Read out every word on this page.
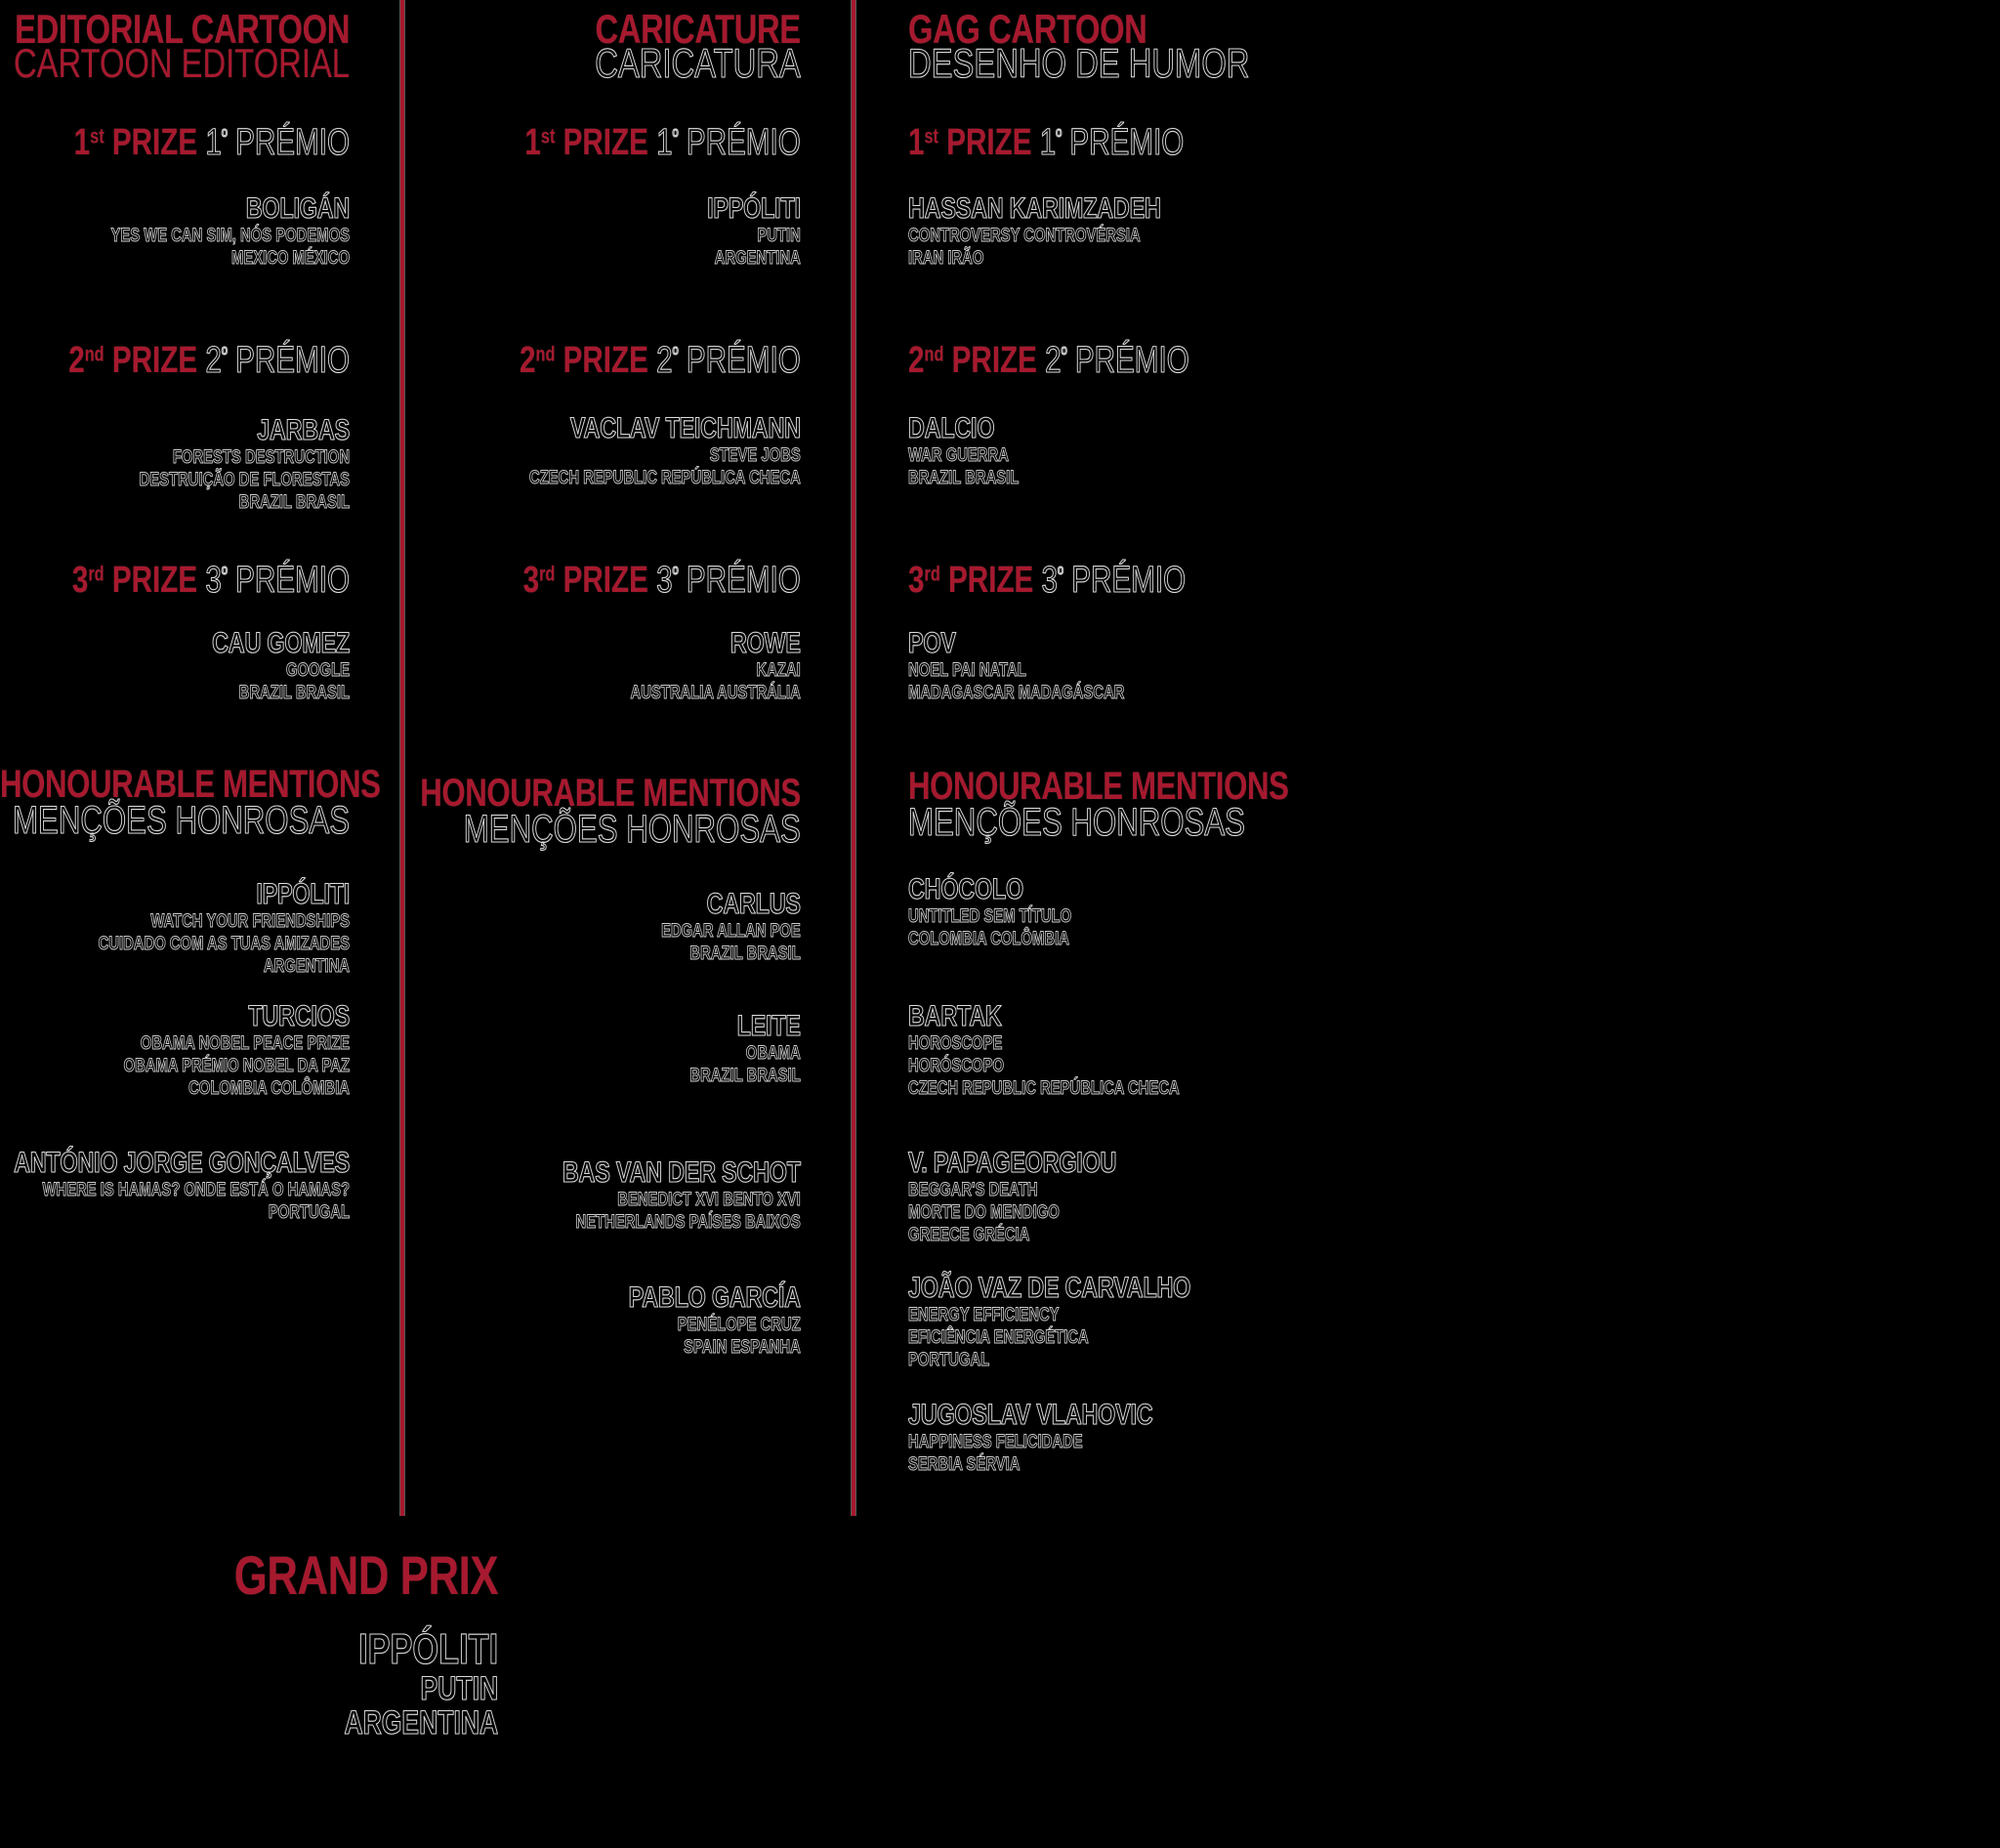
EDITORIAL CARTOON
CARTOON EDITORIAL
1st PRIZE $1^º$ PRÉMIO
BOLIGÁN
YES WE CAN SIM, NÓS PODEMOS
MEXICO MÉXICO
2nd PRIZE $2^º$ PRÉMIO
JARBAS
FORESTS DESTRUCTION
DESTRUIÇÃO DE FLORESTAS
BRAZIL BRASIL
3rd PRIZE $3^º$ PRÉMIO
CAU GOMEZ
GOOGLE
BRAZIL BRASIL
HONOURABLE MENTIONS
MENÇÕES HONROSAS
IPPÓLITI
WATCH YOUR FRIENDSHIPS
CUIDADO COM AS TUAS AMIZADES
ARGENTINA
TURCIOS
OBAMA NOBEL PEACE PRIZE
OBAMA PRÉMIO NOBEL DA PAZ
COLOMBIA COLÔMBIA
ANTÓNIO JORGE GONÇALVES
WHERE IS HAMAS? ONDE ESTÁ O HAMAS?
PORTUGAL
CARICATURE
CARICATURA
1st PRIZE $1^º$ PRÉMIO
IPPÓLITI
PUTIN
ARGENTINA
2nd PRIZE $2^º$ PRÉMIO
VACLAV TEICHMANN
STEVE JOBS
CZECH REPUBLIC REPÚBLICA CHECA
3rd PRIZE $3^º$ PRÉMIO
ROWE
KAZAI
AUSTRALIA AUSTRÁLIA
HONOURABLE MENTIONS
MENÇÕES HONROSAS
CARLUS
EDGAR ALLAN POE
BRAZIL BRASIL
LEITE
OBAMA
BRAZIL BRASIL
BAS VAN DER SCHOT
BENEDICT XVI BENTO XVI
NETHERLANDS PAÍSES BAIXOS
PABLO GARCÍA
PENÉLOPE CRUZ
SPAIN ESPANHA
GAG CARTOON
DESENHO DE HUMOR
1st PRIZE $1^º$ PRÉMIO
HASSAN KARIMZADEH
CONTROVERSY CONTROVÉRSIA
IRAN IRÃO
2nd PRIZE $2^º$ PRÉMIO
DALCIO
WAR GUERRA
BRAZIL BRASIL
3rd PRIZE $3^º$ PRÉMIO
POV
NOEL PAI NATAL
MADAGASCAR MADAGÁSCAR
HONOURABLE MENTIONS
MENÇÕES HONROSAS
CHÓCOLO
UNTITLED SEM TÍTULO
COLOMBIA COLÔMBIA
BARTAK
HOROSCOPE
HORÓSCOPO
CZECH REPUBLIC REPÚBLICA CHECA
V. PAPAGEORGIOU
BEGGAR'S DEATH
MORTE DO MENDIGO
GREECE GRÉCIA
JOÃO VAZ DE CARVALHO
ENERGY EFFICIENCY
EFICIÊNCIA ENERGÉTICA
PORTUGAL
JUGOSLAV VLAHOVIC
HAPPINESS FELICIDADE
SERBIA SÉRVIA
GRAND PRIX
IPPÓLITI
PUTIN
ARGENTINA
